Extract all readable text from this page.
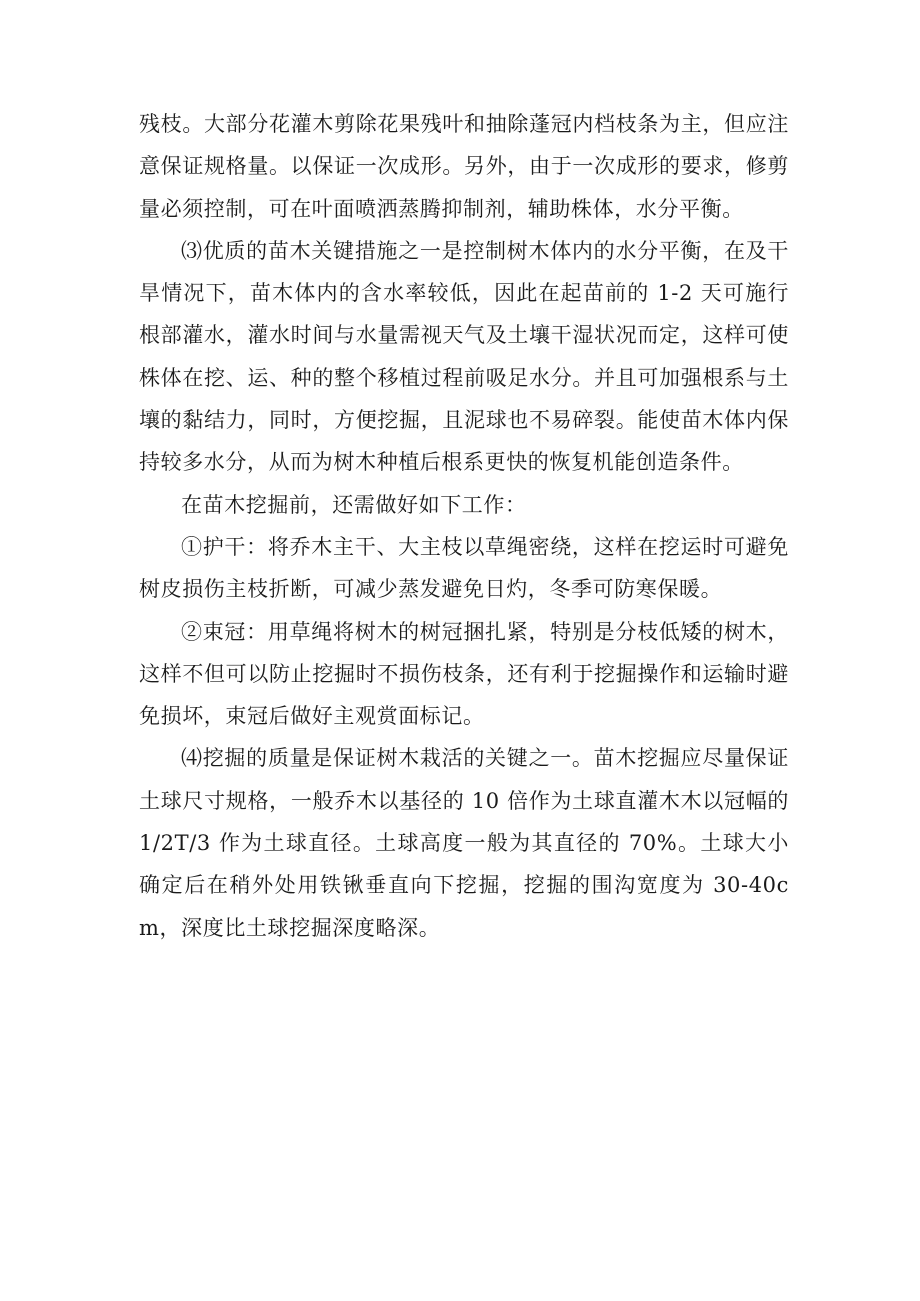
残枝。大部分花灌木剪除花果残叶和抽除蓬冠内档枝条为主，但应注意保证规格量。以保证一次成形。另外，由于一次成形的要求，修剪量必须控制，可在叶面喷洒蒸腾抑制剂，辅助株体，水分平衡。

⑶优质的苗木关键措施之一是控制树木体内的水分平衡，在及干旱情况下，苗木体内的含水率较低，因此在起苗前的 1-2 天可施行根部灌水，灌水时间与水量需视天气及土壤干湿状况而定，这样可使株体在挖、运、种的整个移植过程前吸足水分。并且可加强根系与土壤的黏结力，同时，方便挖掘，且泥球也不易碎裂。能使苗木体内保持较多水分，从而为树木种植后根系更快的恢复机能创造条件。

在苗木挖掘前，还需做好如下工作：

①护干：将乔木主干、大主枝以草绳密绕，这样在挖运时可避免树皮损伤主枝折断，可减少蒸发避免日灼，冬季可防寒保暖。

②束冠：用草绳将树木的树冠捆扎紧，特别是分枝低矮的树木，这样不但可以防止挖掘时不损伤枝条，还有利于挖掘操作和运输时避免损坏，束冠后做好主观赏面标记。

⑷挖掘的质量是保证树木栽活的关键之一。苗木挖掘应尽量保证土球尺寸规格，一般乔木以基径的 10 倍作为土球直灌木木以冠幅的 1/2T/3 作为土球直径。土球高度一般为其直径的 70%。土球大小确定后在稍外处用铁锹垂直向下挖掘，挖掘的围沟宽度为 30-40cm，深度比土球挖掘深度略深。
